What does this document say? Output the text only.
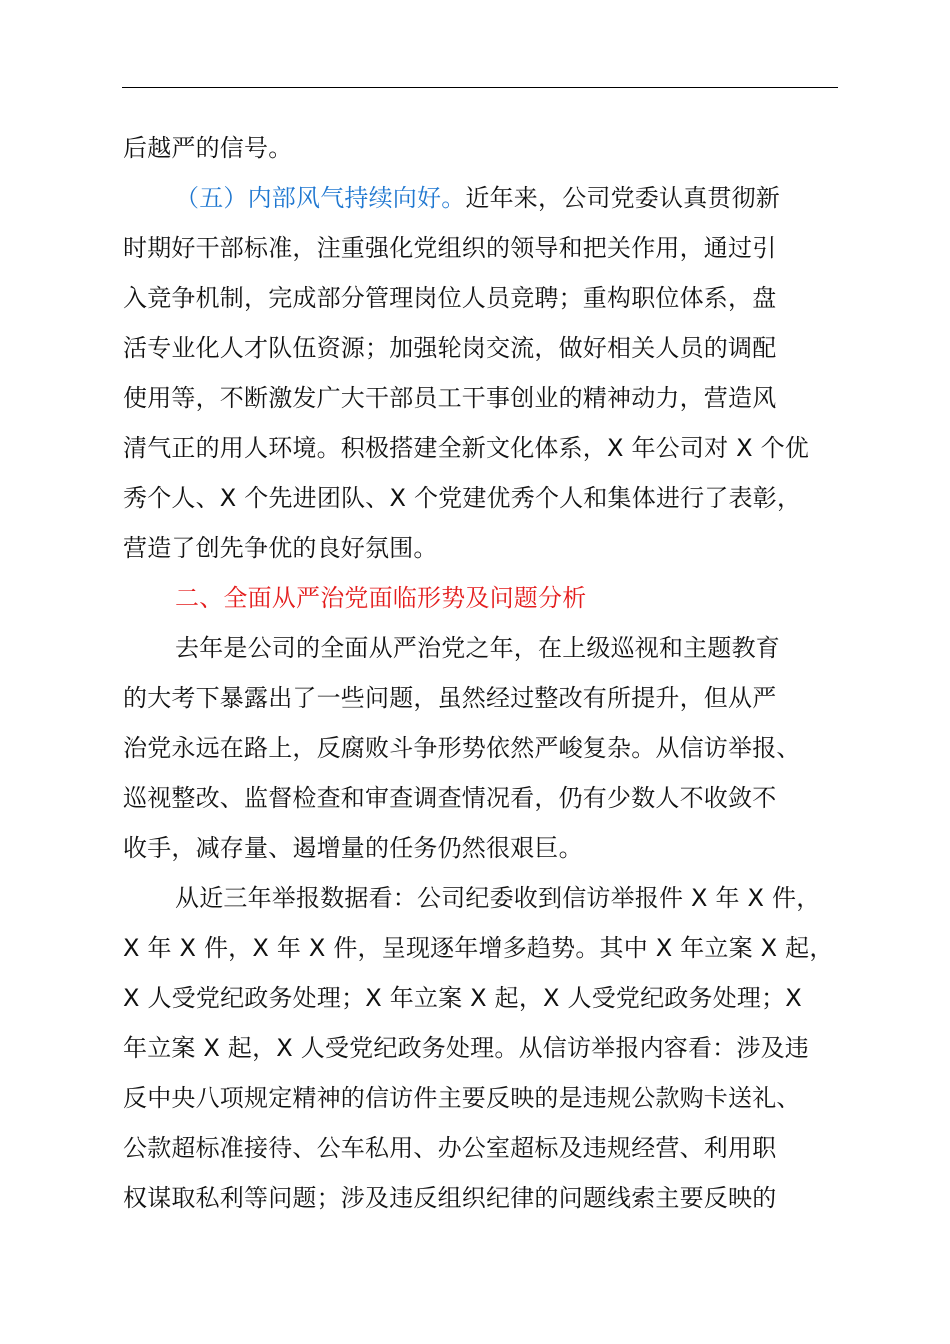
后越严的信号。
（五）内部风气持续向好。近年来，公司党委认真贯彻新
时期好干部标准，注重强化党组织的领导和把关作用，通过引
入竞争机制，完成部分管理岗位人员竞聘；重构职位体系，盘
活专业化人才队伍资源；加强轮岗交流，做好相关人员的调配
使用等，不断激发广大干部员工干事创业的精神动力，营造风
清气正的用人环境。积极搭建全新文化体系，X 年公司对 X 个优
秀个人、X 个先进团队、X 个党建优秀个人和集体进行了表彰，
营造了创先争优的良好氛围。
二、全面从严治党面临形势及问题分析
去年是公司的全面从严治党之年，在上级巡视和主题教育
的大考下暴露出了一些问题，虽然经过整改有所提升，但从严
治党永远在路上，反腐败斗争形势依然严峻复杂。从信访举报、
巡视整改、监督检查和审查调查情况看，仍有少数人不收敛不
收手，减存量、遏增量的任务仍然很艰巨。
从近三年举报数据看：公司纪委收到信访举报件 X 年 X 件，
X 年 X 件，X 年 X 件，呈现逐年增多趋势。其中 X 年立案 X 起，
X 人受党纪政务处理；X 年立案 X 起，X 人受党纪政务处理；X
年立案 X 起，X 人受党纪政务处理。从信访举报内容看：涉及违
反中央八项规定精神的信访件主要反映的是违规公款购卡送礼、
公款超标准接待、公车私用、办公室超标及违规经营、利用职
权谋取私利等问题；涉及违反组织纪律的问题线索主要反映的
